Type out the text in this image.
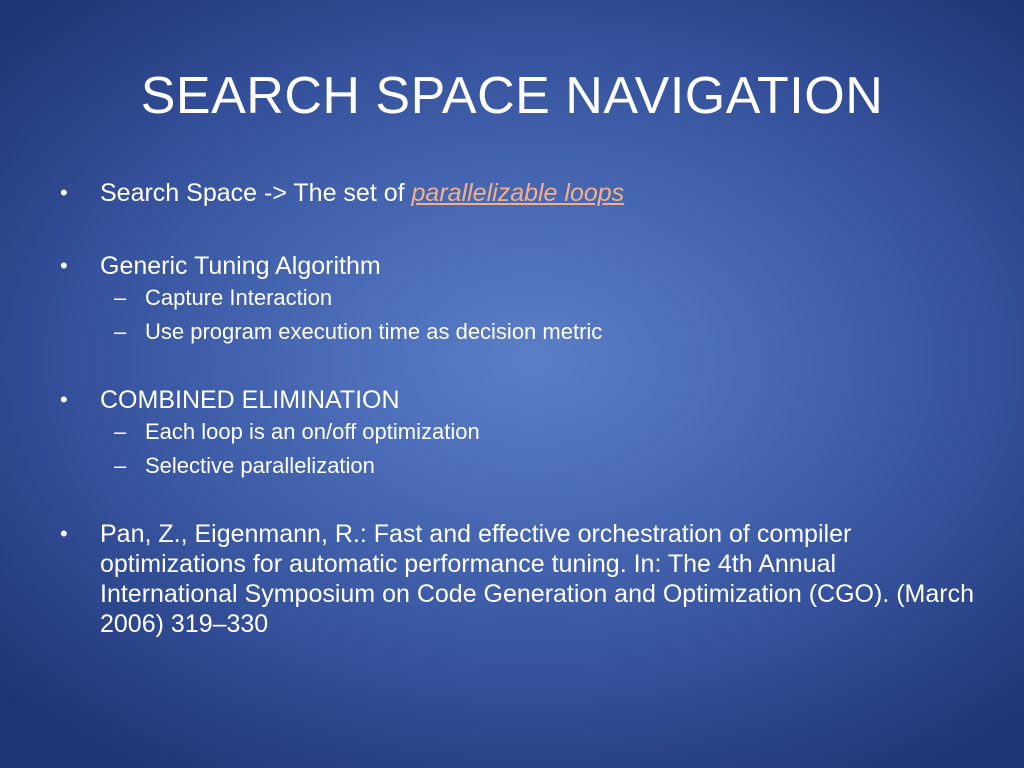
SEARCH SPACE NAVIGATION
• Search Space -> The set of parallelizable loops
• Generic Tuning Algorithm
– Capture Interaction
– Use program execution time as decision metric
• COMBINED ELIMINATION
– Each loop is an on/off optimization
– Selective parallelization
• Pan, Z., Eigenmann, R.: Fast and effective orchestration of compiler optimizations for automatic performance tuning. In: The 4th Annual International Symposium on Code Generation and Optimization (CGO). (March 2006) 319–330
